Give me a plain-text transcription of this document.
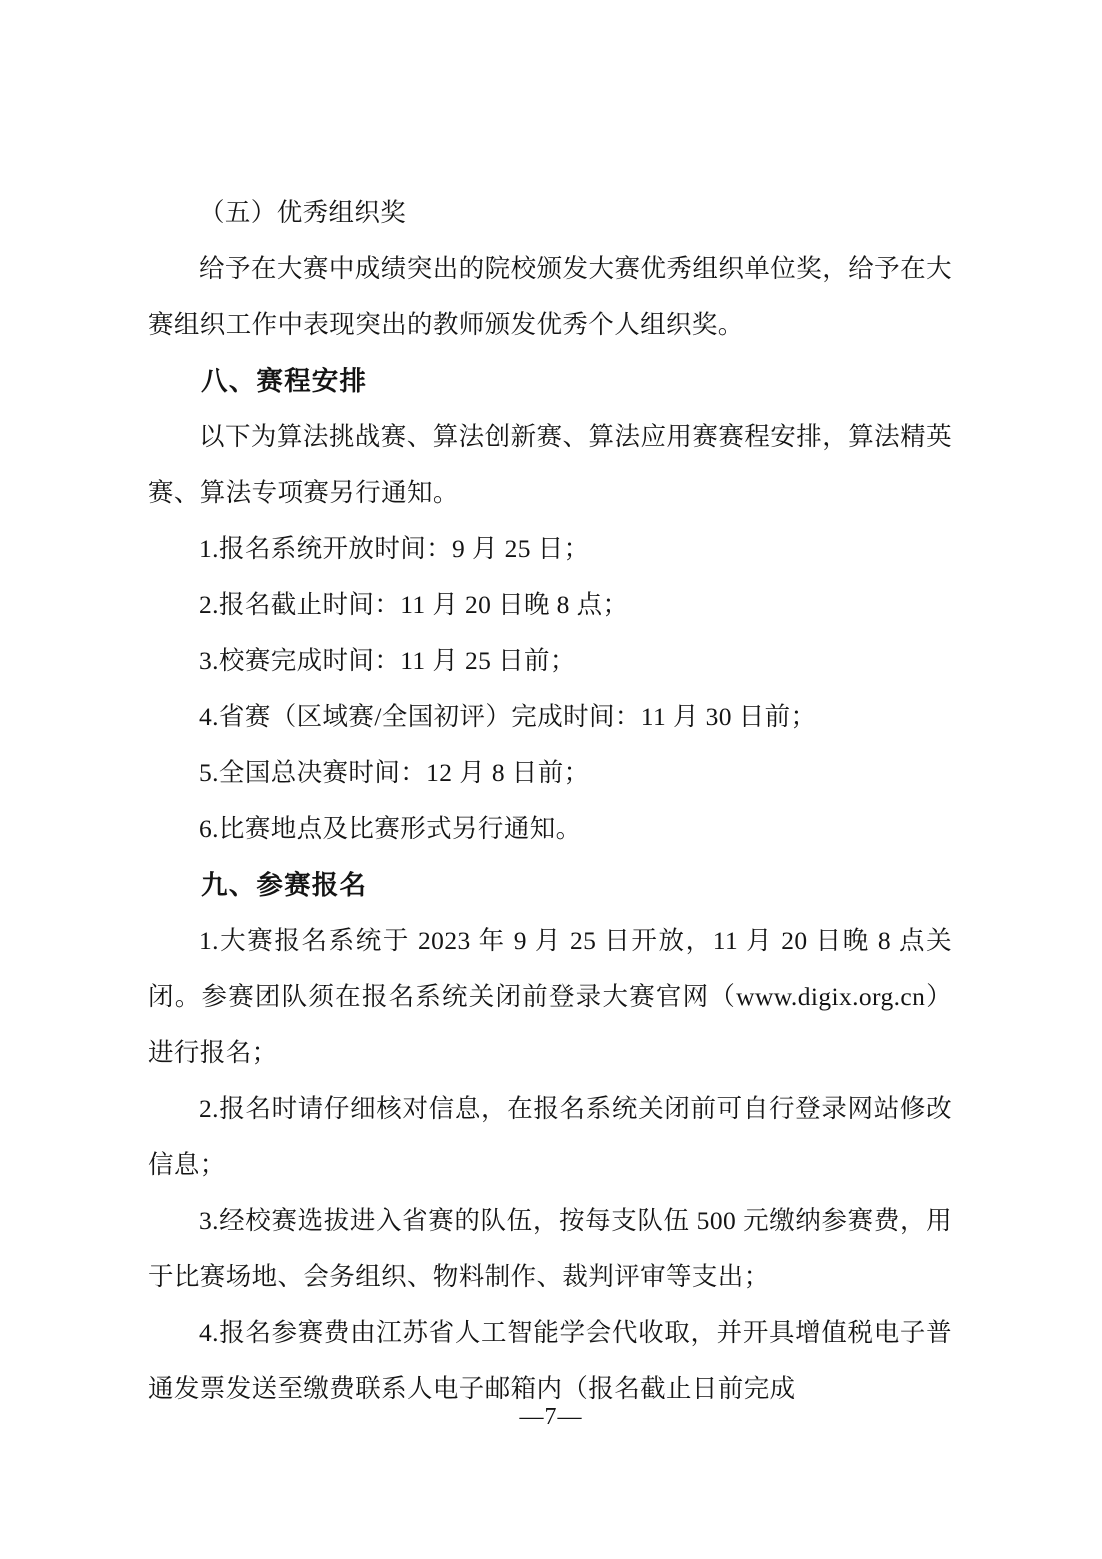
（五）优秀组织奖

给予在大赛中成绩突出的院校颁发大赛优秀组织单位奖，给予在大赛组织工作中表现突出的教师颁发优秀个人组织奖。

八、赛程安排

以下为算法挑战赛、算法创新赛、算法应用赛赛程安排，算法精英赛、算法专项赛另行通知。

1.报名系统开放时间：9 月 25 日；

2.报名截止时间：11 月 20 日晚 8 点；

3.校赛完成时间：11 月 25 日前；

4.省赛（区域赛/全国初评）完成时间：11 月 30 日前；

5.全国总决赛时间：12 月 8 日前；

6.比赛地点及比赛形式另行通知。

九、参赛报名

1.大赛报名系统于 2023 年 9 月 25 日开放，11 月 20 日晚 8 点关闭。参赛团队须在报名系统关闭前登录大赛官网（www.digix.org.cn）进行报名；

2.报名时请仔细核对信息，在报名系统关闭前可自行登录网站修改信息；

3.经校赛选拔进入省赛的队伍，按每支队伍 500 元缴纳参赛费，用于比赛场地、会务组织、物料制作、裁判评审等支出；

4.报名参赛费由江苏省人工智能学会代收取，并开具增值税电子普通发票发送至缴费联系人电子邮箱内（报名截止日前完成

—7—
